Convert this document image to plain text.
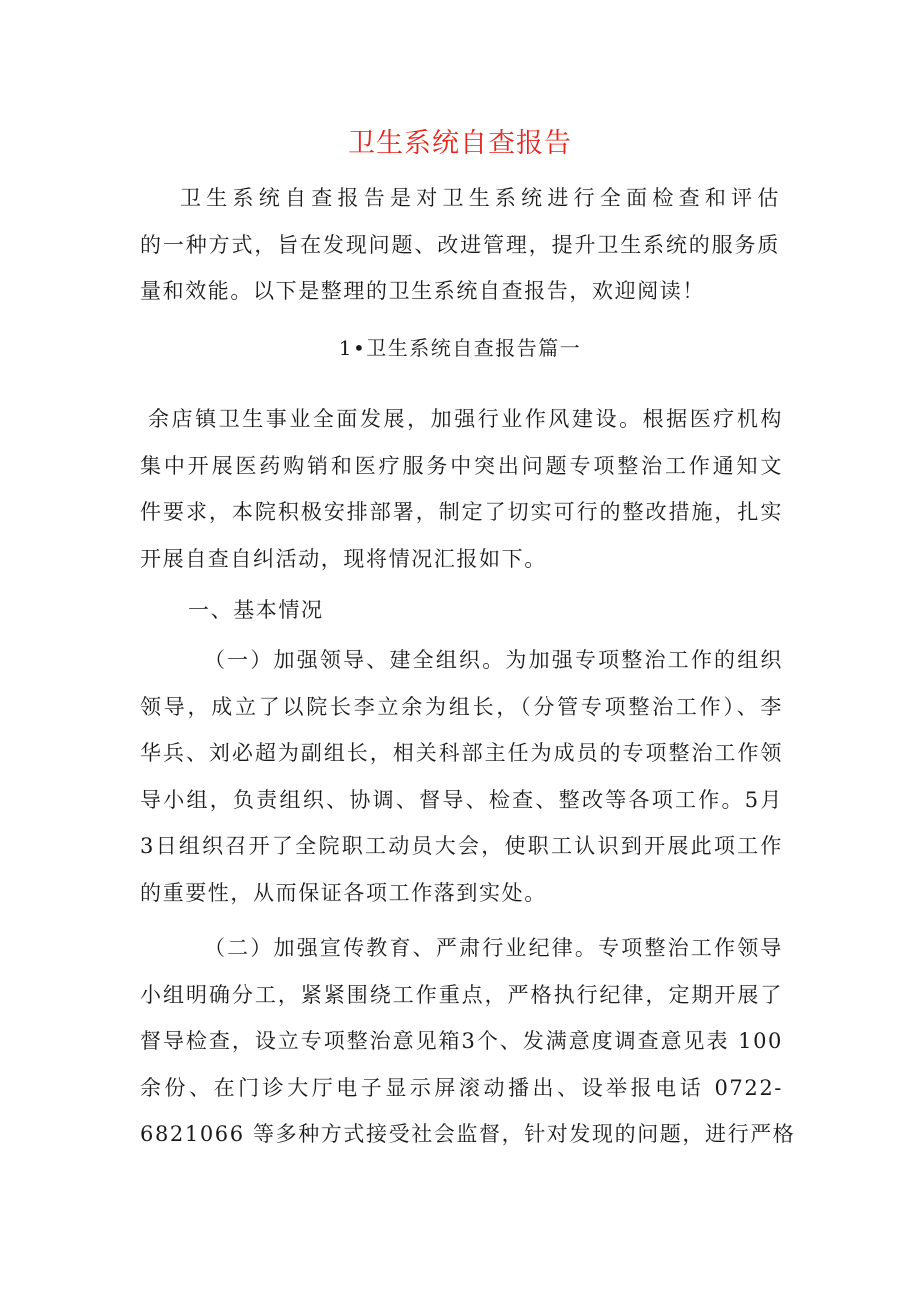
卫生系统自查报告
卫生系统自查报告是对卫生系统进行全面检查和评估
的一种方式，旨在发现问题、改进管理，提升卫生系统的服务质
量和效能。以下是整理的卫生系统自查报告，欢迎阅读！
1•卫生系统自查报告篇一
余店镇卫生事业全面发展，加强行业作风建设。根据医疗机构
集中开展医药购销和医疗服务中突出问题专项整治工作通知文
件要求，本院积极安排部署，制定了切实可行的整改措施，扎实
开展自查自纠活动，现将情况汇报如下。
一、基本情况
（一）加强领导、建全组织。为加强专项整治工作的组织
领导，成立了以院长李立余为组长，（分管专项整治工作）、李
华兵、刘必超为副组长，相关科部主任为成员的专项整治工作领
导小组，负责组织、协调、督导、检查、整改等各项工作。5月
3日组织召开了全院职工动员大会，使职工认识到开展此项工作
的重要性，从而保证各项工作落到实处。
（二）加强宣传教育、严肃行业纪律。专项整治工作领导
小组明确分工，紧紧围绕工作重点，严格执行纪律，定期开展了
督导检查，设立专项整治意见箱3个、发满意度调查意见表 100
余份、在门诊大厅电子显示屏滚动播出、设举报电话 0722-
6821066 等多种方式接受社会监督，针对发现的问题，进行严格
